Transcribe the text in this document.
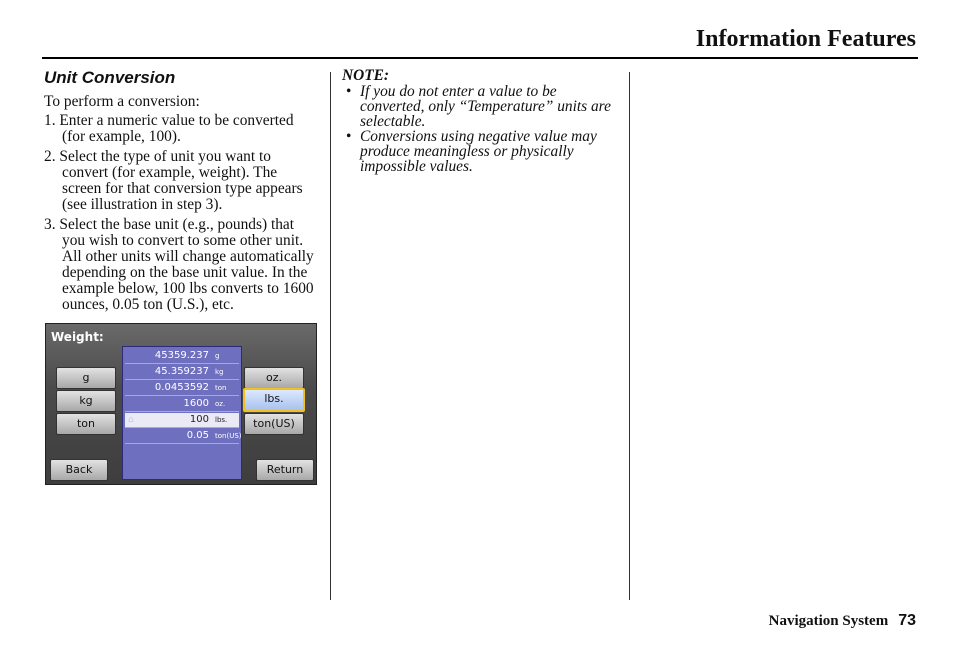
Information Features
Unit Conversion

To perform a conversion:

1. Enter a numeric value to be converted (for example, 100).
2. Select the type of unit you want to convert (for example, weight). The screen for that conversion type appears (see illustration in step 3).
3. Select the base unit (e.g., pounds) that you wish to convert to some other unit. All other units will change automatically depending on the base unit value. In the example below, 100 lbs converts to 1600 ounces, 0.05 ton (U.S.), etc.
Weight:
g
kg
ton
oz.
lbs.
ton(US)
Back	Return
45359.237 g
45.359237 kg
0.0453592 ton
1600 oz.
⌂	100 lbs.
0.05 ton(US)
NOTE:
• If you do not enter a value to be converted, only “Temperature” units are selectable.
• Conversions using negative value may produce meaningless or physically impossible values.
Navigation System 73
